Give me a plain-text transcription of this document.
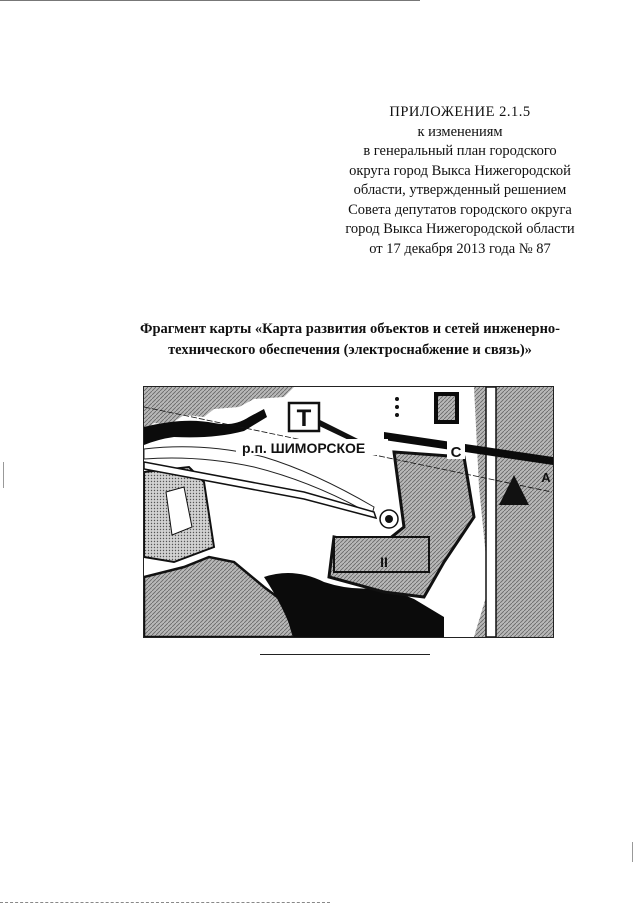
ПРИЛОЖЕНИЕ 2.1.5
к изменениям
в генеральный план городского
округа город Выкса Нижегородской
области, утвержденный решением
Совета депутатов городского округа
город Выкса Нижегородской области
от 17 декабря 2013 года № 87
Фрагмент карты «Карта развития объектов и сетей инженерно-
технического обеспечения (электроснабжение и связь)»
Т
р.п. ШИМОРСКОЕ	С
А
II
